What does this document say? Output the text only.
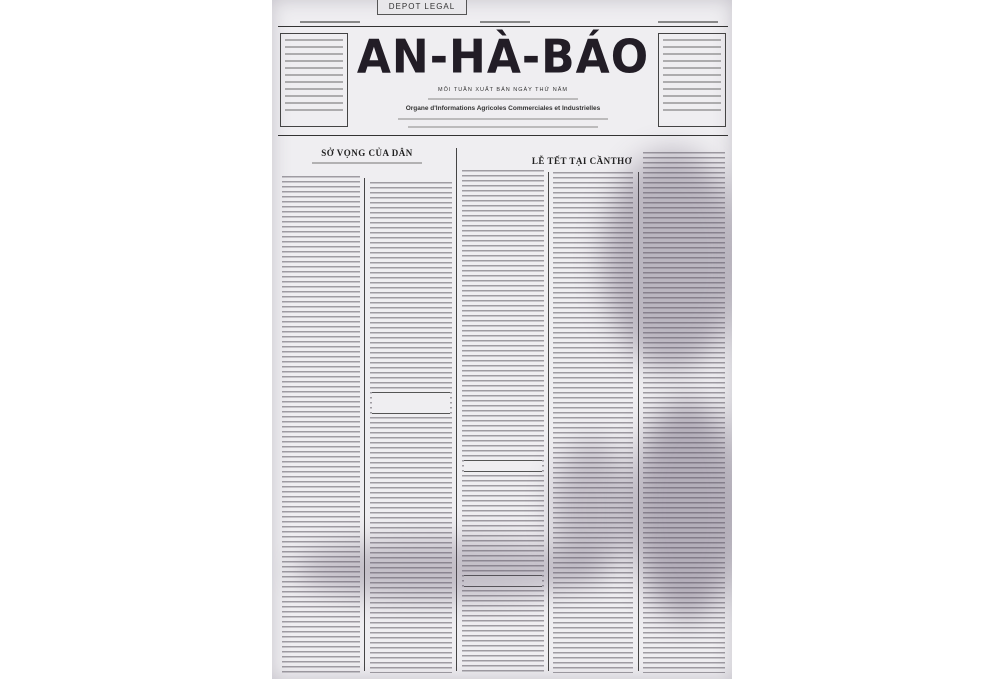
DEPOT LEGAL
AN-HÀ-BÁO
MỖI TUẦN XUẤT BẢN NGÀY THỨ NĂM
Organe d'Informations Agricoles Commerciales et Industrielles
SỞ VỌNG CỦA DÂN
LỄ TẾT TẠI CẦNTHƠ
